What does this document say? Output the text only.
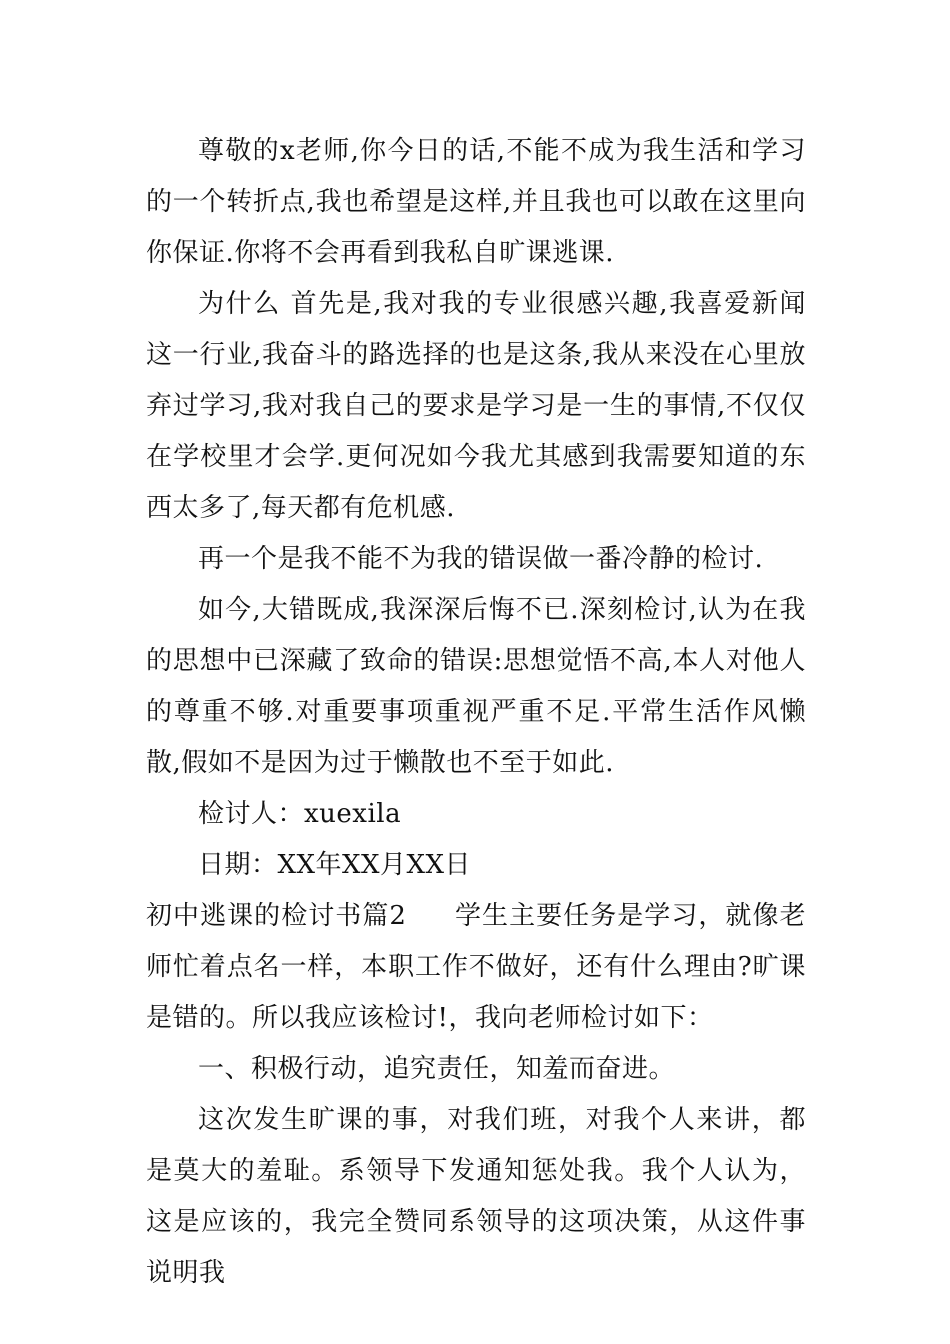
尊敬的x老师,你今日的话,不能不成为我生活和学习的一个转折点,我也希望是这样,并且我也可以敢在这里向你保证.你将不会再看到我私自旷课逃课.

为什么 首先是,我对我的专业很感兴趣,我喜爱新闻这一行业,我奋斗的路选择的也是这条,我从来没在心里放弃过学习,我对我自己的要求是学习是一生的事情,不仅仅在学校里才会学.更何况如今我尤其感到我需要知道的东西太多了,每天都有危机感.

再一个是我不能不为我的错误做一番冷静的检讨.

如今,大错既成,我深深后悔不已.深刻检讨,认为在我的思想中已深藏了致命的错误:思想觉悟不高,本人对他人的尊重不够.对重要事项重视严重不足.平常生活作风懒散,假如不是因为过于懒散也不至于如此.

检讨人：xuexila

日期：XX年XX月XX日

初中逃课的检讨书篇2 学生主要任务是学习，就像老师忙着点名一样，本职工作不做好，还有什么理由?旷课是错的。所以我应该检讨!，我向老师检讨如下：

一、积极行动，追究责任，知羞而奋进。

这次发生旷课的事，对我们班，对我个人来讲，都是莫大的羞耻。系领导下发通知惩处我。我个人认为，这是应该的，我完全赞同系领导的这项决策，从这件事说明我
